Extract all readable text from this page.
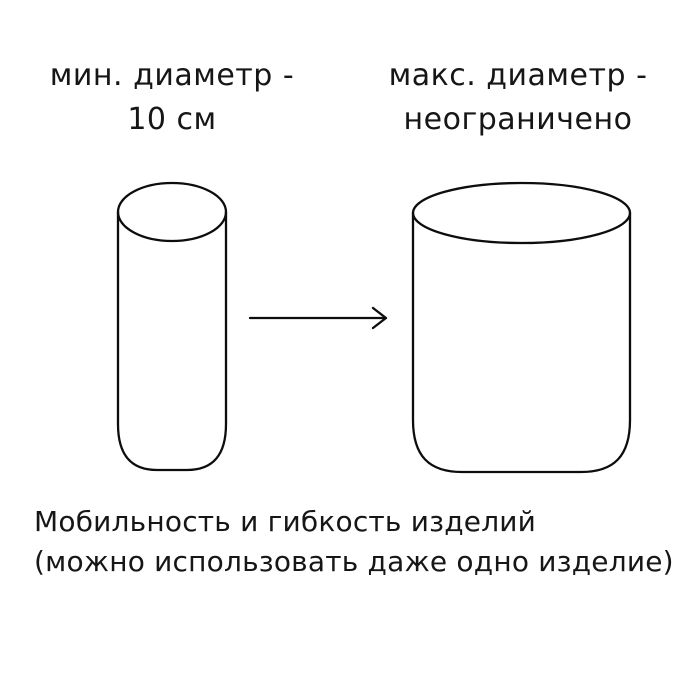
мин. диаметр -
10 см
макс. диаметр -
неограничено
Мобильность и гибкость изделий
(можно использовать даже одно изделие)
